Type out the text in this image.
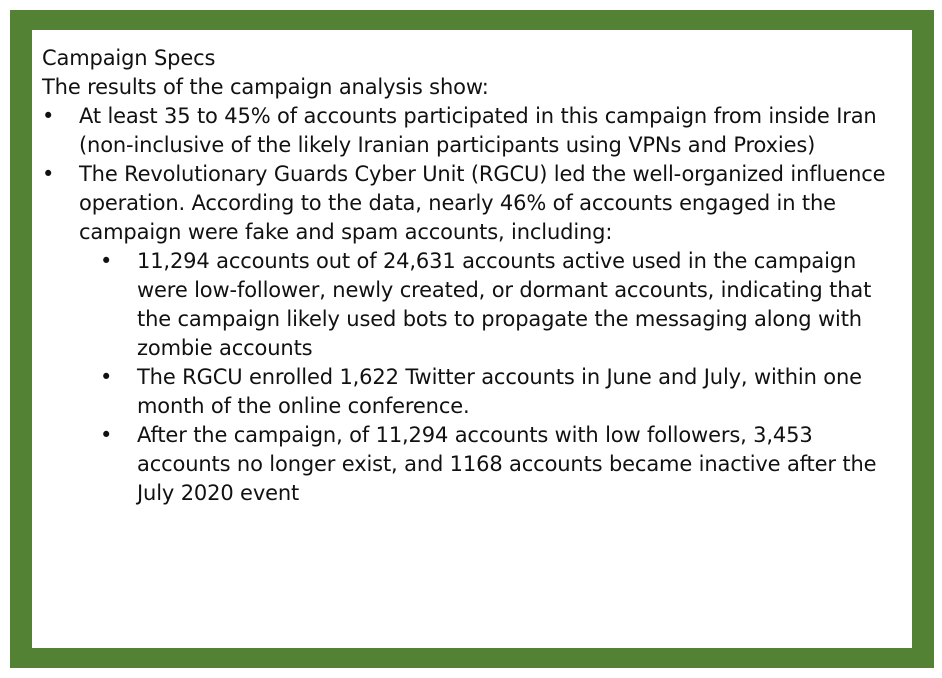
Campaign Specs

The results of the campaign analysis show:

• At least 35 to 45% of accounts participated in this campaign from inside Iran (non-inclusive of the likely Iranian participants using VPNs and Proxies)
• The Revolutionary Guards Cyber Unit (RGCU) led the well-organized influence operation. According to the data, nearly 46% of accounts engaged in the campaign were fake and spam accounts, including:
• 11,294 accounts out of 24,631 accounts active used in the campaign were low-follower, newly created, or dormant accounts, indicating that the campaign likely used bots to propagate the messaging along with zombie accounts
• The RGCU enrolled 1,622 Twitter accounts in June and July, within one month of the online conference.
• After the campaign, of 11,294 accounts with low followers, 3,453 accounts no longer exist, and 1168 accounts became inactive after the July 2020 event
